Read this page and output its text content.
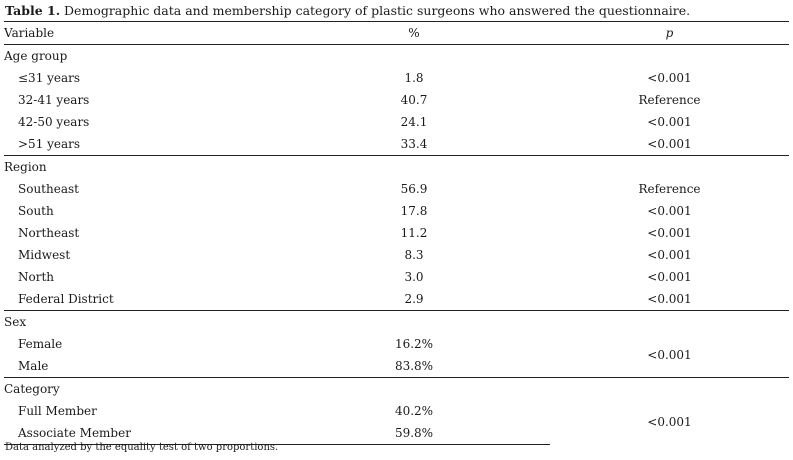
Table 1. Demographic data and membership category of plastic surgeons who answered the questionnaire.
Variable	%	p
Age group		
≤31 years	1.8	<0.001
32-41 years	40.7	Reference
42-50 years	24.1	<0.001
>51 years	33.4	<0.001
Region		
Southeast	56.9	Reference
South	17.8	<0.001
Northeast	11.2	<0.001
Midwest	8.3	<0.001
North	3.0	<0.001
Federal District	2.9	<0.001
Sex		
Female	16.2%	<0.001
Male	83.8%	
Category		
Full Member	40.2%	<0.001
Associate Member	59.8%	
Data analyzed by the equality test of two proportions.
